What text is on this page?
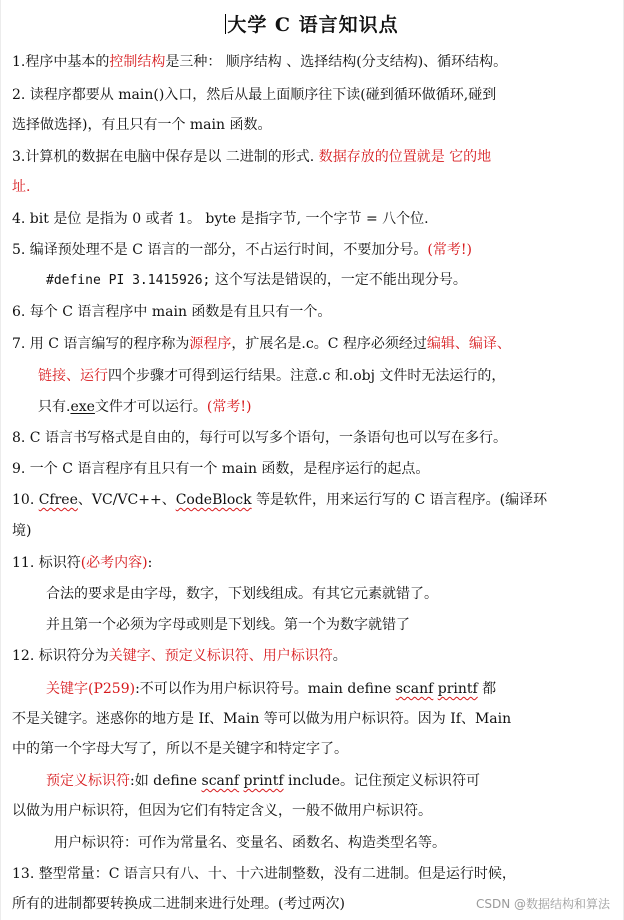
大学 C 语言知识点
1.程序中基本的控制结构是三种： 顺序结构 、选择结构(分支结构)、循环结构。
2. 读程序都要从 main()入口，然后从最上面顺序往下读(碰到循环做循环,碰到
选择做选择)，有且只有一个 main 函数。
3.计算机的数据在电脑中保存是以 二进制的形式. 数据存放的位置就是 它的地
址.
4. bit 是位 是指为 0 或者 1。 byte 是指字节, 一个字节 = 八个位.
5. 编译预处理不是 C 语言的一部分，不占运行时间，不要加分号。(常考!)
#define PI 3.1415926; 这个写法是错误的，一定不能出现分号。
6. 每个 C 语言程序中 main 函数是有且只有一个。
7. 用 C 语言编写的程序称为源程序，扩展名是.c。C 程序必须经过编辑、编译、
链接、运行四个步骤才可得到运行结果。注意.c 和.obj 文件时无法运行的，
只有.exe文件才可以运行。(常考!)
8. C 语言书写格式是自由的，每行可以写多个语句，一条语句也可以写在多行。
9. 一个 C 语言程序有且只有一个 main 函数，是程序运行的起点。
10. Cfree、VC/VC++、CodeBlock 等是软件，用来运行写的 C 语言程序。(编译环
境)
11. 标识符(必考内容):
合法的要求是由字母，数字，下划线组成。有其它元素就错了。
并且第一个必须为字母或则是下划线。第一个为数字就错了
12. 标识符分为关键字、预定义标识符、用户标识符。
关键字(P259):不可以作为用户标识符号。main define scanf printf 都
不是关键字。迷惑你的地方是 If、Main 等可以做为用户标识符。因为 If、Main
中的第一个字母大写了，所以不是关键字和特定字了。
预定义标识符:如 define scanf printf include。记住预定义标识符可
以做为用户标识符，但因为它们有特定含义，一般不做用户标识符。
用户标识符：可作为常量名、变量名、函数名、构造类型名等。
13. 整型常量：C 语言只有八、十、十六进制整数，没有二进制。但是运行时候，
所有的进制都要转换成二进制来进行处理。(考过两次)	CSDN @数据结构和算法
